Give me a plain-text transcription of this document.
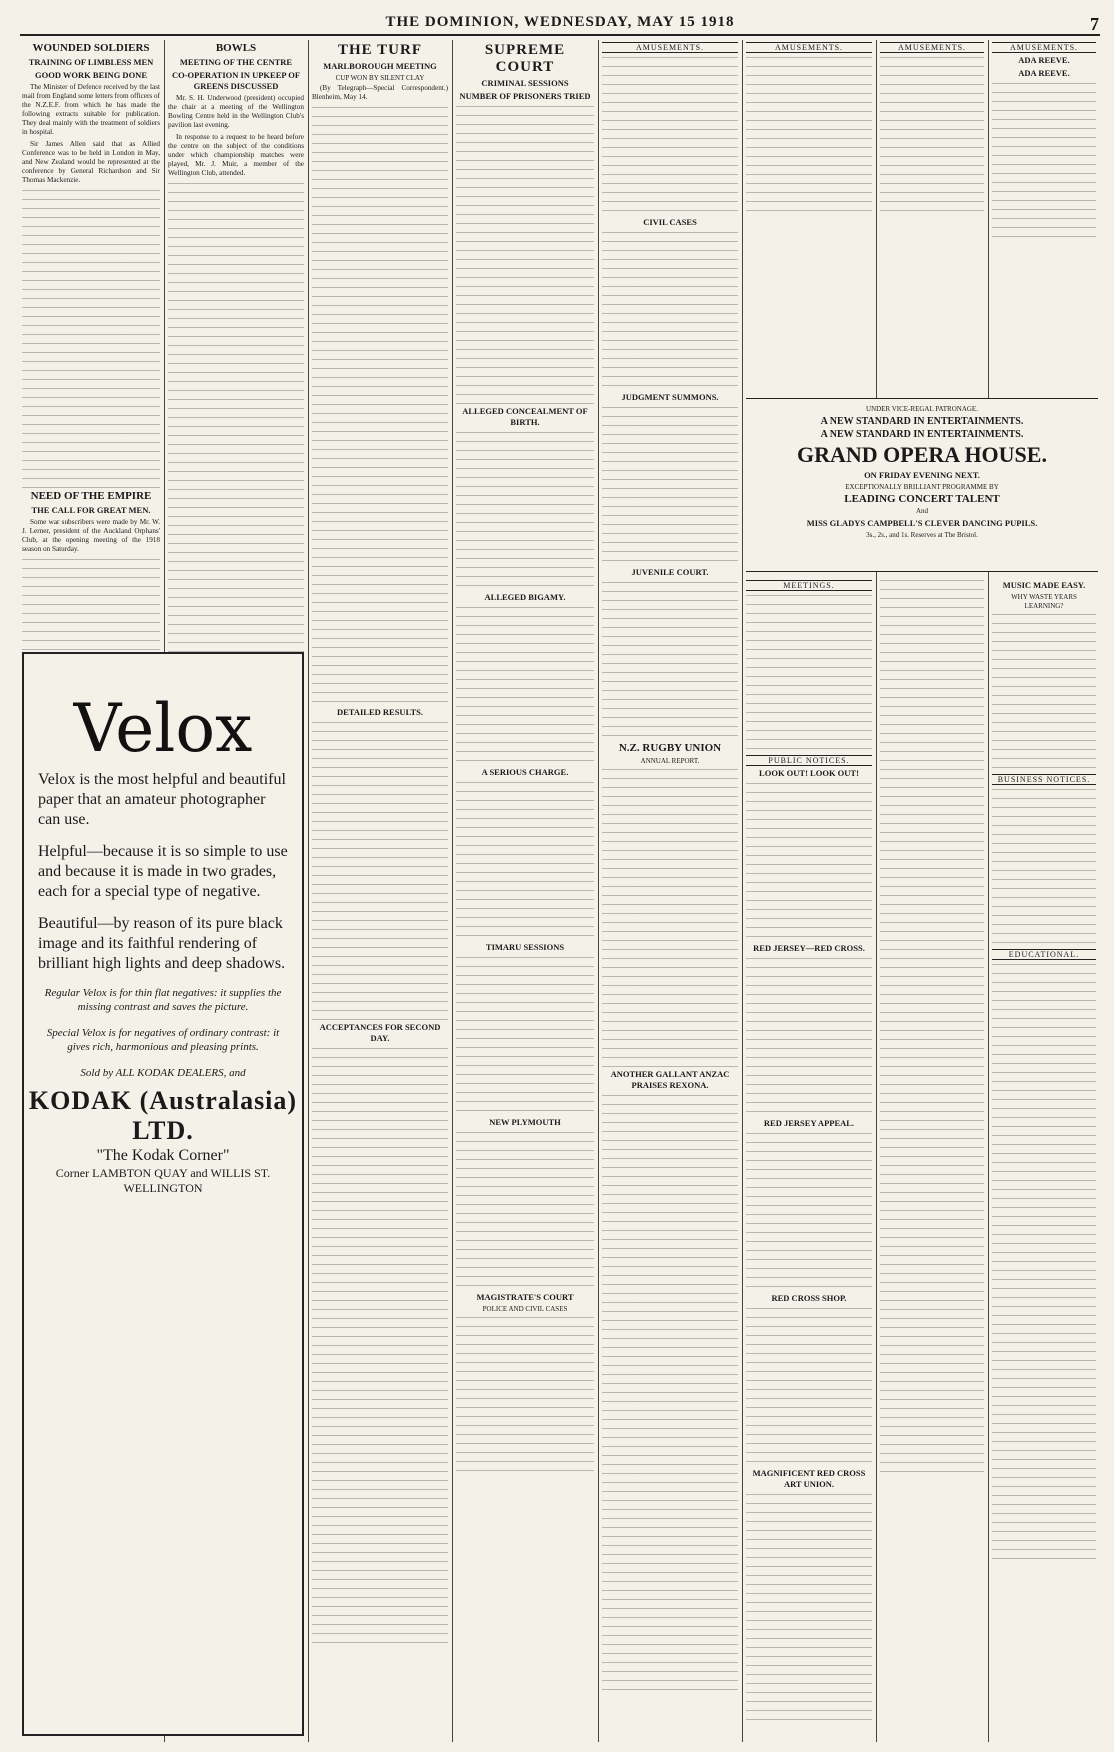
THE DOMINION, WEDNESDAY, MAY 15 1918	7
WOUNDED SOLDIERS
TRAINING OF LIMBLESS MEN
GOOD WORK BEING DONE

The Minister of Defence received by the last mail from England some letters from officers of the N.Z.E.F. from which he has made the following extracts suitable for publication. They deal mainly with the treatment of soldiers in hospital.

Sir James Allen said that as Allied Conference was to be held in London in May, and New Zealand would be represented at the conference by General Richardson and Sir Thomas Mackenzie.

NEED OF THE EMPIRE
THE CALL FOR GREAT MEN.

Some war subscribers were made by Mr. W. J. Lerner, president of the Auckland Orphans' Club, at the opening meeting of the 1918 season on Saturday.

BOWLS
MEETING OF THE CENTRE
CO-OPERATION IN UPKEEP OF GREENS DISCUSSED

Mr. S. H. Underwood (president) occupied the chair at a meeting of the Wellington Bowling Centre held in the Wellington Club's pavilion last evening.

In response to a request to be heard before the centre on the subject of the conditions under which championship matches were played, Mr. J. Muir, a member of the Wellington Club, attended.

Velox
Velox is the most helpful and beautiful paper that an amateur photographer can use.
Helpful—because it is so simple to use and because it is made in two grades, each for a special type of negative.
Beautiful—by reason of its pure black image and its faithful rendering of brilliant high lights and deep shadows.
Regular Velox is for thin flat negatives: it supplies the missing contrast and saves the picture.
Special Velox is for negatives of ordinary contrast: it gives rich, harmonious and pleasing prints.
Sold by ALL KODAK DEALERS, and
KODAK (Australasia) LTD.
"The Kodak Corner"
Corner LAMBTON QUAY and WILLIS ST.
WELLINGTON
THE TURF
MARLBOROUGH MEETING
CUP WON BY SILENT CLAY

(By Telegraph—Special Correspondent.) Blenheim, May 14.

DETAILED RESULTS.
ACCEPTANCES FOR SECOND DAY.
SUPREME COURT
CRIMINAL SESSIONS
NUMBER OF PRISONERS TRIED
ALLEGED CONCEALMENT OF BIRTH.
ALLEGED BIGAMY.
A SERIOUS CHARGE.
TIMARU SESSIONS
NEW PLYMOUTH
MAGISTRATE'S COURT
POLICE AND CIVIL CASES
AMUSEMENTS.
CIVIL CASES
JUDGMENT SUMMONS.
JUVENILE COURT.
N.Z. RUGBY UNION
ANNUAL REPORT.
ANOTHER GALLANT ANZAC PRAISES REXONA.
AMUSEMENTS.	AMUSEMENTS.	AMUSEMENTS.
ADA REEVE.
ADA REEVE.
UNDER VICE-REGAL PATRONAGE.
A NEW STANDARD IN ENTERTAINMENTS.
A NEW STANDARD IN ENTERTAINMENTS.
GRAND OPERA HOUSE.
ON FRIDAY EVENING NEXT.
EXCEPTIONALLY BRILLIANT PROGRAMME BY
LEADING CONCERT TALENT
And
MISS GLADYS CAMPBELL'S CLEVER DANCING PUPILS.
3s., 2s., and 1s. Reserves at The Bristol.
MEETINGS.
PUBLIC NOTICES.
LOOK OUT! LOOK OUT!
RED JERSEY—RED CROSS.
RED JERSEY APPEAL.
RED CROSS SHOP.
MAGNIFICENT RED CROSS ART UNION.
MUSIC MADE EASY.
WHY WASTE YEARS LEARNING?
BUSINESS NOTICES.
EDUCATIONAL.
